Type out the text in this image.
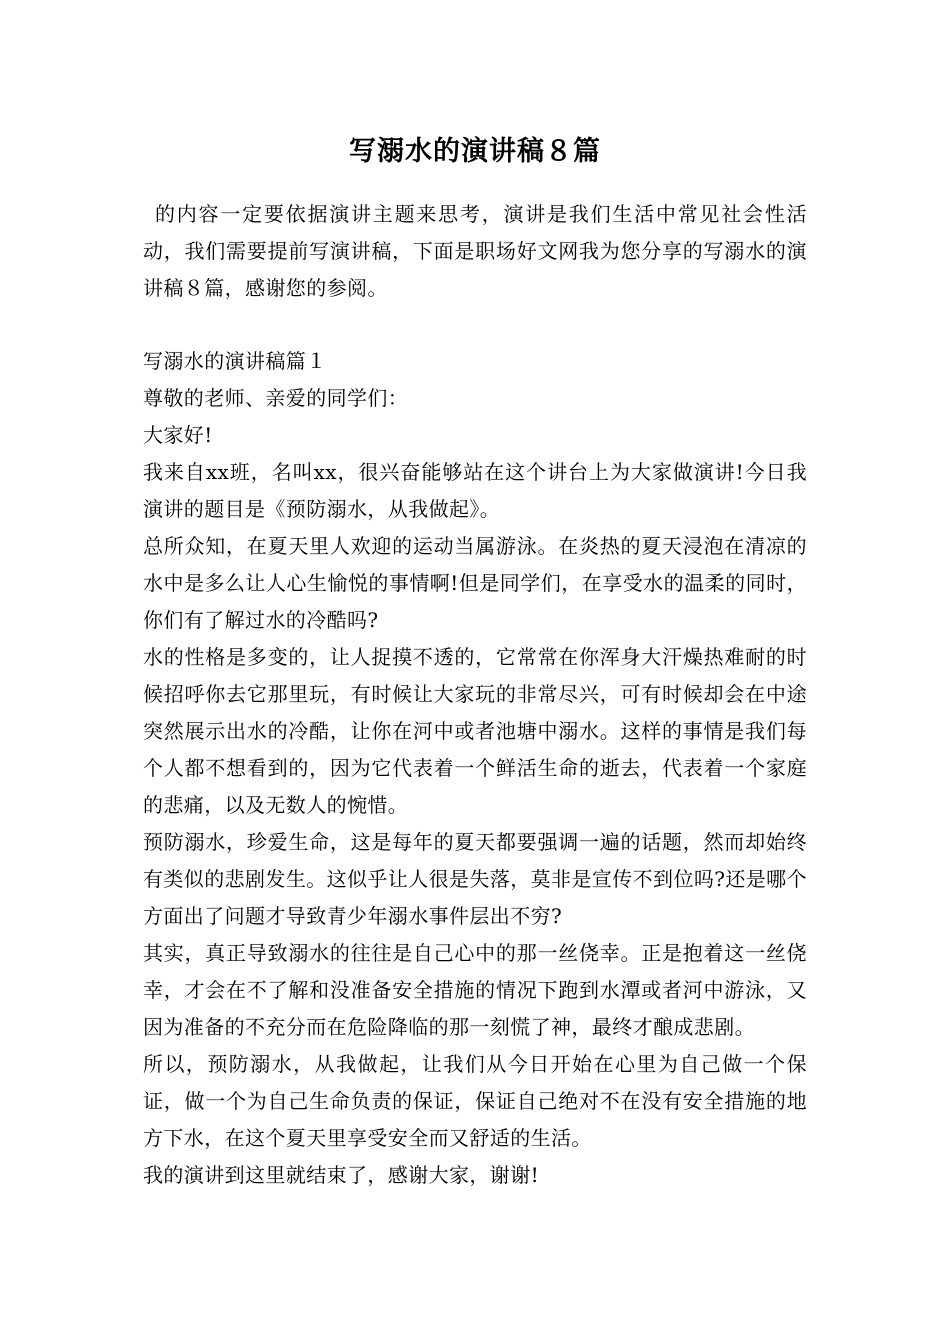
写溺水的演讲稿８篇
的内容一定要依据演讲主题来思考，演讲是我们生活中常见社会性活动，我们需要提前写演讲稿，下面是职场好文网我为您分享的写溺水的演讲稿８篇，感谢您的参阅。

写溺水的演讲稿篇１

尊敬的老师、亲爱的同学们：

大家好!

我来自xx班，名叫xx，很兴奋能够站在这个讲台上为大家做演讲!今日我演讲的题目是《预防溺水，从我做起》。

总所众知，在夏天里人欢迎的运动当属游泳。在炎热的夏天浸泡在清凉的水中是多么让人心生愉悦的事情啊!但是同学们，在享受水的温柔的同时，你们有了解过水的冷酷吗?

水的性格是多变的，让人捉摸不透的，它常常在你浑身大汗燥热难耐的时候招呼你去它那里玩，有时候让大家玩的非常尽兴，可有时候却会在中途突然展示出水的冷酷，让你在河中或者池塘中溺水。这样的事情是我们每个人都不想看到的，因为它代表着一个鲜活生命的逝去，代表着一个家庭的悲痛，以及无数人的惋惜。

预防溺水，珍爱生命，这是每年的夏天都要强调一遍的话题，然而却始终有类似的悲剧发生。这似乎让人很是失落，莫非是宣传不到位吗?还是哪个方面出了问题才导致青少年溺水事件层出不穷?

其实，真正导致溺水的往往是自己心中的那一丝侥幸。正是抱着这一丝侥幸，才会在不了解和没准备安全措施的情况下跑到水潭或者河中游泳，又因为准备的不充分而在危险降临的那一刻慌了神，最终才酿成悲剧。

所以，预防溺水，从我做起，让我们从今日开始在心里为自己做一个保证，做一个为自己生命负责的保证，保证自己绝对不在没有安全措施的地方下水，在这个夏天里享受安全而又舒适的生活。

我的演讲到这里就结束了，感谢大家，谢谢!
